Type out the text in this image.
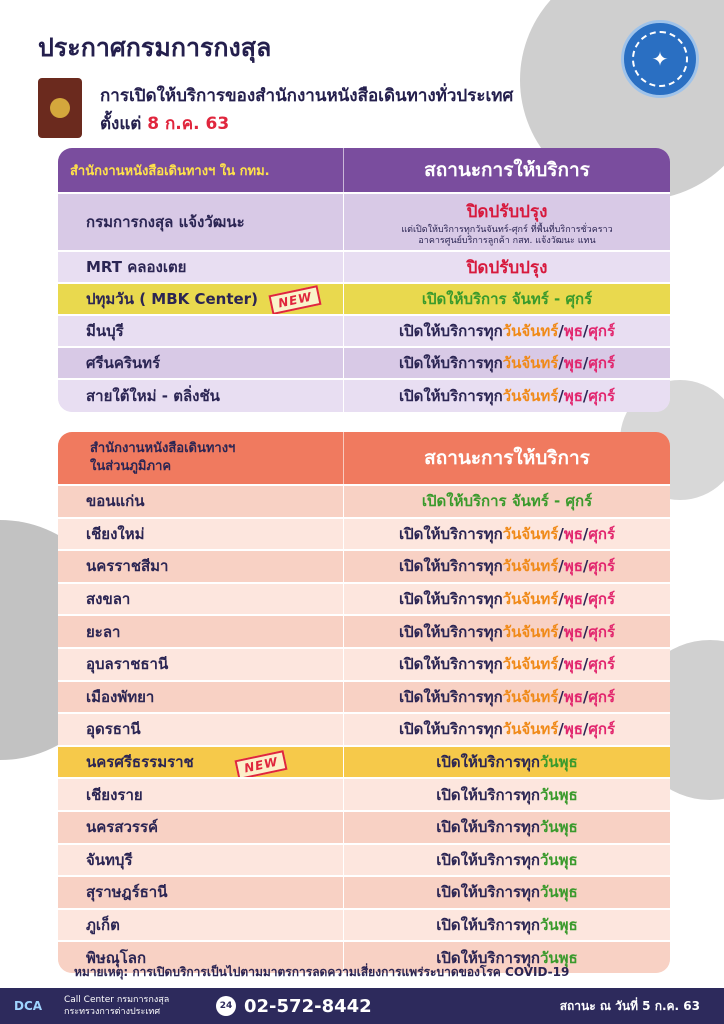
ประกาศกรมการกงสุล	✦
การเปิดให้บริการของสำนักงานหนังสือเดินทางทั่วประเทศ
ตั้งแต่ 8 ก.ค. 63
สำนักงานหนังสือเดินทางฯ ใน กทม.	สถานะการให้บริการ
กรมการกงสุล แจ้งวัฒนะ
ปิดปรับปรุง
แต่เปิดให้บริการทุกวันจันทร์-ศุกร์ ที่พื้นที่บริการชั่วคราว
อาคารศูนย์บริการลูกค้า กสท. แจ้งวัฒนะ แทน
MRT คลองเตย	ปิดปรับปรุง
ปทุมวัน ( MBK Center)	NEW	เปิดให้บริการ จันทร์ - ศุกร์
มีนบุรี	เปิดให้บริการทุกวันจันทร์/พุธ/ศุกร์
ศรีนครินทร์	เปิดให้บริการทุกวันจันทร์/พุธ/ศุกร์
สายใต้ใหม่ - ตลิ่งชัน	เปิดให้บริการทุกวันจันทร์/พุธ/ศุกร์
สำนักงานหนังสือเดินทางฯ
ในส่วนภูมิภาค	สถานะการให้บริการ
ขอนแก่น	เปิดให้บริการ จันทร์ - ศุกร์
เชียงใหม่	เปิดให้บริการทุกวันจันทร์/พุธ/ศุกร์
นครราชสีมา	เปิดให้บริการทุกวันจันทร์/พุธ/ศุกร์
สงขลา	เปิดให้บริการทุกวันจันทร์/พุธ/ศุกร์
ยะลา	เปิดให้บริการทุกวันจันทร์/พุธ/ศุกร์
อุบลราชธานี	เปิดให้บริการทุกวันจันทร์/พุธ/ศุกร์
เมืองพัทยา	เปิดให้บริการทุกวันจันทร์/พุธ/ศุกร์
อุดรธานี	เปิดให้บริการทุกวันจันทร์/พุธ/ศุกร์
นครศรีธรรมราช	NEW	เปิดให้บริการทุกวันพุธ
เชียงราย	เปิดให้บริการทุกวันพุธ
นครสวรรค์	เปิดให้บริการทุกวันพุธ
จันทบุรี	เปิดให้บริการทุกวันพุธ
สุราษฎร์ธานี	เปิดให้บริการทุกวันพุธ
ภูเก็ต	เปิดให้บริการทุกวันพุธ
พิษณุโลก	เปิดให้บริการทุกวันพุธ
หมายเหตุ: การเปิดบริการเป็นไปตามมาตรการลดความเสี่ยงการแพร่ระบาดของโรค COVID-19
DCA	Call Center กรมการกงสุล
กระทรวงการต่างประเทศ
24 02-572-8442	สถานะ ณ วันที่ 5 ก.ค. 63
